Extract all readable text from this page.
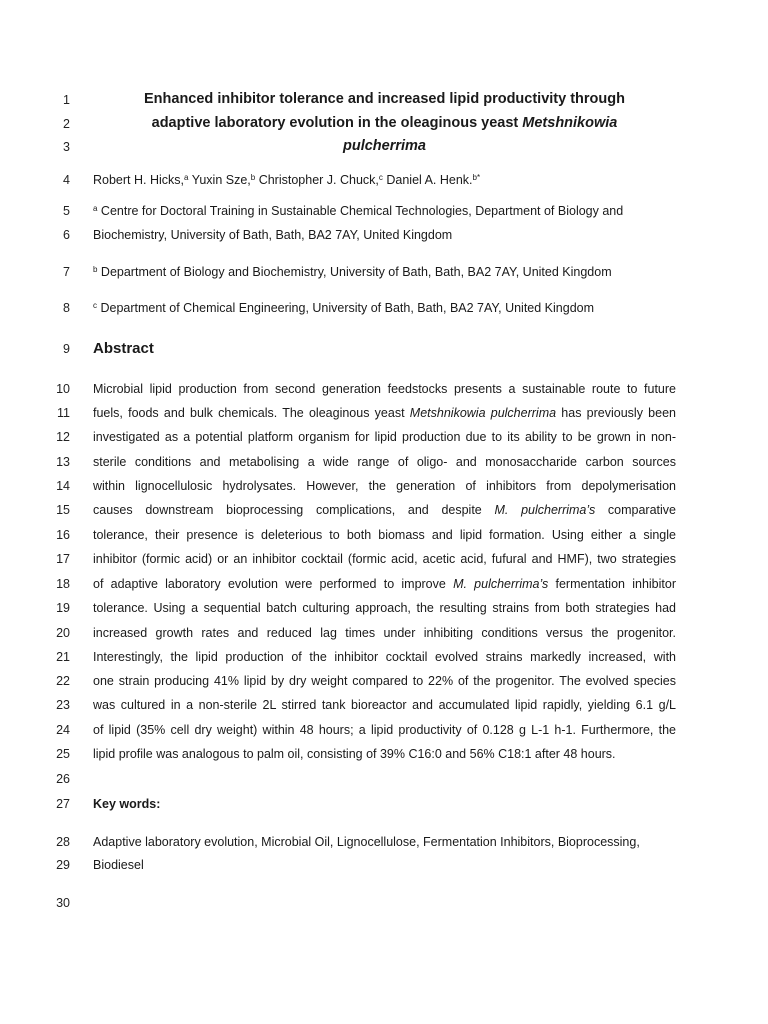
1
2
3
4
5
6
7
8
9
10
11
12
13
14
15
16
17
18
19
20
21
22
23
24
25
26
27
28
29
30
Enhanced inhibitor tolerance and increased lipid productivity through
adaptive laboratory evolution in the oleaginous yeast Metshnikowia
pulcherrima
Robert H. Hicks,$^a$ Yuxin Sze,$^b$ Christopher J. Chuck,$^c$ Daniel A. Henk.$^{b*}$
$^a$ Centre for Doctoral Training in Sustainable Chemical Technologies, Department of Biology and
Biochemistry, University of Bath, Bath, BA2 7AY, United Kingdom
$^b$ Department of Biology and Biochemistry, University of Bath, Bath, BA2 7AY, United Kingdom
$^c$ Department of Chemical Engineering, University of Bath, Bath, BA2 7AY, United Kingdom
Abstract
Microbial lipid production from second generation feedstocks presents a sustainable route to future
fuels, foods and bulk chemicals. The oleaginous yeast Metshnikowia pulcherrima has previously been
investigated as a potential platform organism for lipid production due to its ability to be grown in non-
sterile conditions and metabolising a wide range of oligo- and monosaccharide carbon sources
within lignocellulosic hydrolysates. However, the generation of inhibitors from depolymerisation
causes downstream bioprocessing complications, and despite M. pulcherrima’s comparative
tolerance, their presence is deleterious to both biomass and lipid formation. Using either a single
inhibitor (formic acid) or an inhibitor cocktail (formic acid, acetic acid, fufural and HMF), two strategies
of adaptive laboratory evolution were performed to improve M. pulcherrima’s fermentation inhibitor
tolerance. Using a sequential batch culturing approach, the resulting strains from both strategies had
increased growth rates and reduced lag times under inhibiting conditions versus the progenitor.
Interestingly, the lipid production of the inhibitor cocktail evolved strains markedly increased, with
one strain producing 41% lipid by dry weight compared to 22% of the progenitor. The evolved species
was cultured in a non-sterile 2L stirred tank bioreactor and accumulated lipid rapidly, yielding 6.1 g/L
of lipid (35% cell dry weight) within 48 hours; a lipid productivity of 0.128 g L-1 h-1. Furthermore, the
lipid profile was analogous to palm oil, consisting of 39% C16:0 and 56% C18:1 after 48 hours.
Key words:
Adaptive laboratory evolution, Microbial Oil, Lignocellulose, Fermentation Inhibitors, Bioprocessing,
Biodiesel
